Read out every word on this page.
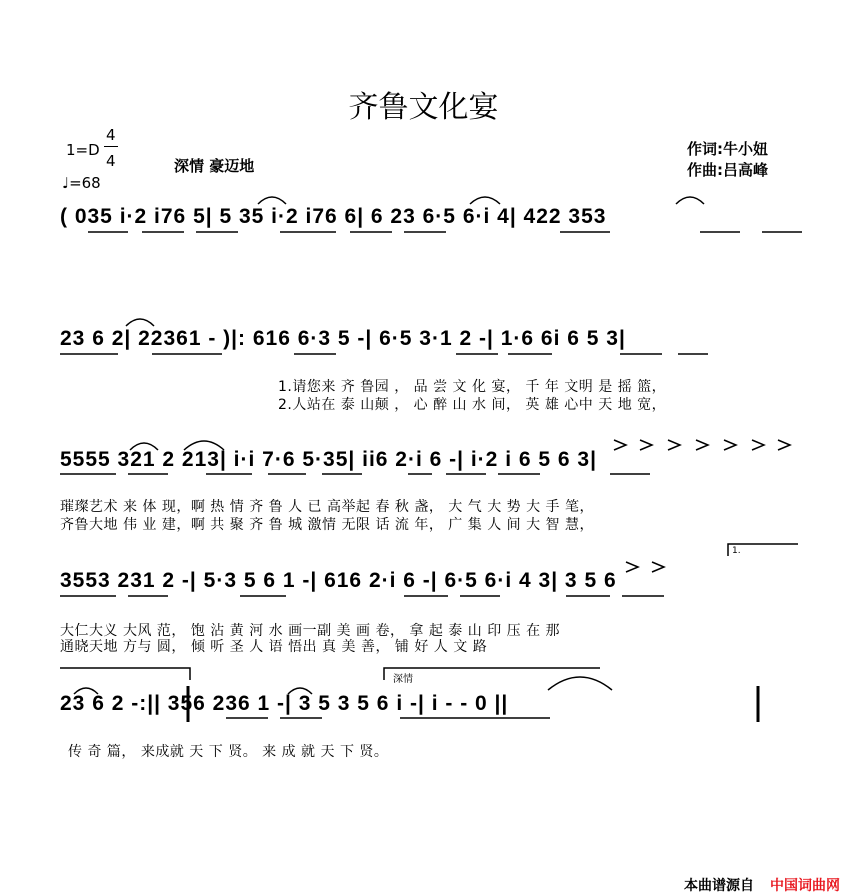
齐鲁文化宴
1=D
4
4
♩=68
深情 豪迈地
作词:牛小妞
作曲:吕高峰
( 035 i·2 i76 5| 5 35 i·2 i76 6| 6 23 6·5 6·i 4| 422 353
23 6 2| 22361 - )|: 616 6·3 5 -| 6·5 3·1 2 -| 1·6 6i 6 5 3|
5555 321 2 213| i·i 7·6 5·35| ii6 2·i 6 -| i·2 i 6 5 6 3|
3553 231 2 -| 5·3 5 6 1 -| 616 2·i 6 -| 6·5 6·i 4 3| 3 5 6
23 6 2 -:|| 356 236 1 -| 3 5 3 5 6 i -| i - - 0 ||
1.请您来 齐 鲁园 ， 品 尝 文 化 宴， 千 年 文明 是 摇 篮，
2.人站在 泰 山颠 ， 心 醉 山 水 间， 英 雄 心中 天 地 宽，
璀璨艺术 来 体 现，啊 热 情 齐 鲁 人 已 高举起 春 秋 盏， 大 气 大 势 大 手 笔，
齐鲁大地 伟 业 建，啊 共 聚 齐 鲁 城 激情 无限 话 流 年， 广 集 人 间 大 智 慧，
大仁大义 大风 范， 饱 沾 黄 河 水 画一副 美 画 卷， 拿 起 泰 山 印 压 在 那
通晓天地 方与 圆， 倾 听 圣 人 语 悟出 真 美 善， 铺 好 人 文 路
传 奇 篇， 来成就 天 下 贤。 来 成 就 天 下 贤。
1.
深情
本曲谱源自 中国词曲网
